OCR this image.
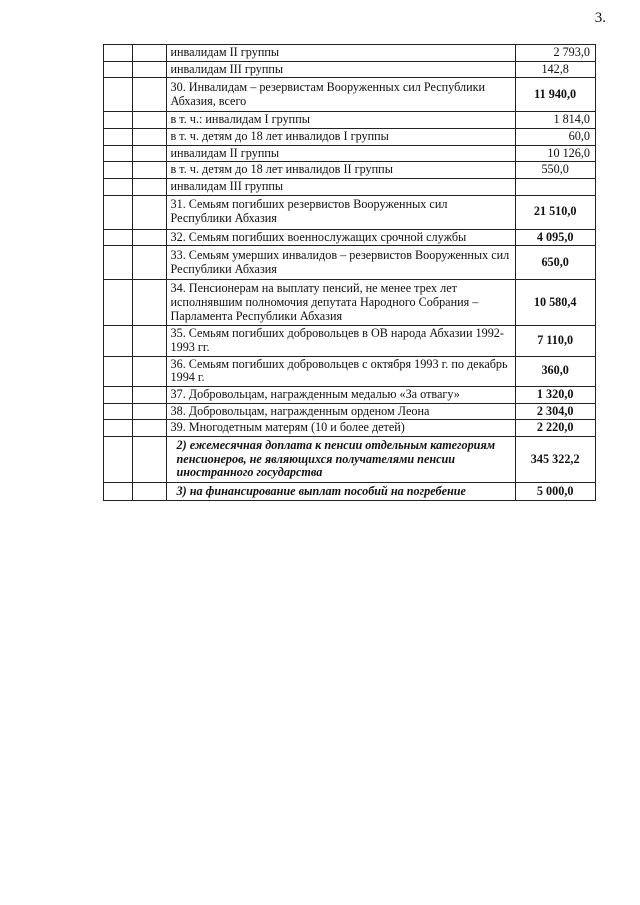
3.
		инвалидам II группы	2 793,0
		инвалидам III группы	142,8
		30. Инвалидам – резервистам Вооруженных сил Республики Абхазия, всего	11 940,0
		в т. ч.: инвалидам I группы	1 814,0
		в т. ч. детям до 18 лет инвалидов I группы	60,0
		инвалидам II группы	10 126,0
		в т. ч. детям до 18 лет инвалидов II группы	550,0
		инвалидам III группы	
		31. Семьям погибших резервистов Вооруженных сил Республики Абхазия	21 510,0
		32. Семьям погибших военнослужащих срочной службы	4 095,0
		33. Семьям умерших инвалидов – резервистов Вооруженных сил Республики Абхазия	650,0
		34. Пенсионерам на выплату пенсий, не менее трех лет исполнявшим полномочия депутата Народного Собрания – Парламента Республики Абхазия	10 580,4
		35. Семьям погибших добровольцев в ОВ народа Абхазии 1992-1993 гг.	7 110,0
		36. Семьям погибших добровольцев с октября 1993 г. по декабрь 1994 г.	360,0
		37. Добровольцам, награжденным медалью «За отвагу»	1 320,0
		38. Добровольцам, награжденным орденом Леона	2 304,0
		39. Многодетным матерям (10 и более детей)	2 220,0
		2) ежемесячная доплата к пенсии отдельным категориям пенсионеров, не являющихся получателями пенсии иностранного государства	345 322,2
		3) на финансирование выплат пособий на погребение	5 000,0
